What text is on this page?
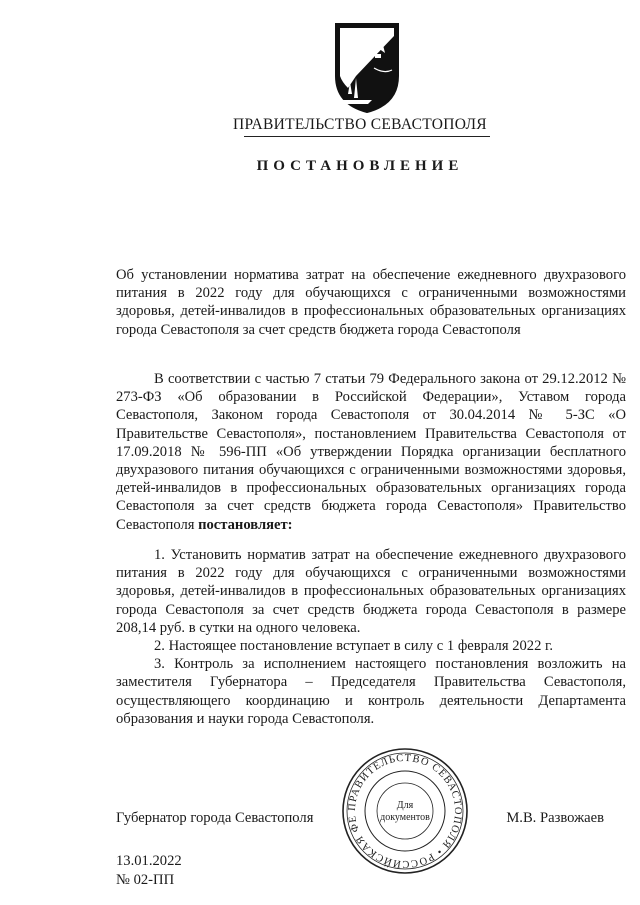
ПРАВИТЕЛЬСТВО СЕВАСТОПОЛЯ
ПОСТАНОВЛЕНИЕ
Об установлении норматива затрат на обеспечение ежедневного двухразового питания в 2022 году для обучающихся с ограниченными возможностями здоровья, детей-инвалидов в профессиональных образовательных организациях города Севастополя за счет средств бюджета города Севастополя
В соответствии с частью 7 статьи 79 Федерального закона от 29.12.2012 № 273-ФЗ «Об образовании в Российской Федерации», Уставом города Севастополя, Законом города Севастополя от 30.04.2014 № 5-ЗС «О Правительстве Севастополя», постановлением Правительства Севастополя от 17.09.2018 № 596-ПП «Об утверждении Порядка организации бесплатного двухразового питания обучающихся с ограниченными возможностями здоровья, детей-инвалидов в профессиональных образовательных организациях города Севастополя за счет средств бюджета города Севастополя» Правительство Севастополя постановляет:

1. Установить норматив затрат на обеспечение ежедневного двухразового питания в 2022 году для обучающихся с ограниченными возможностями здоровья, детей-инвалидов в профессиональных образовательных организациях города Севастополя за счет средств бюджета города Севастополя в размере 208,14 руб. в сутки на одного человека.

2. Настоящее постановление вступает в силу с 1 февраля 2022 г.

3. Контроль за исполнением настоящего постановления возложить на заместителя Губернатора – Председателя Правительства Севастополя, осуществляющего координацию и контроль деятельности Департамента образования и науки города Севастополя.

Губернатор города Севастополя	М.В. Развожаев
ПРАВИТЕЛЬСТВО СЕВАСТОПОЛЯ • РОССИЙСКАЯ ФЕ
Для
документов
13.01.2022
№ 02-ПП
